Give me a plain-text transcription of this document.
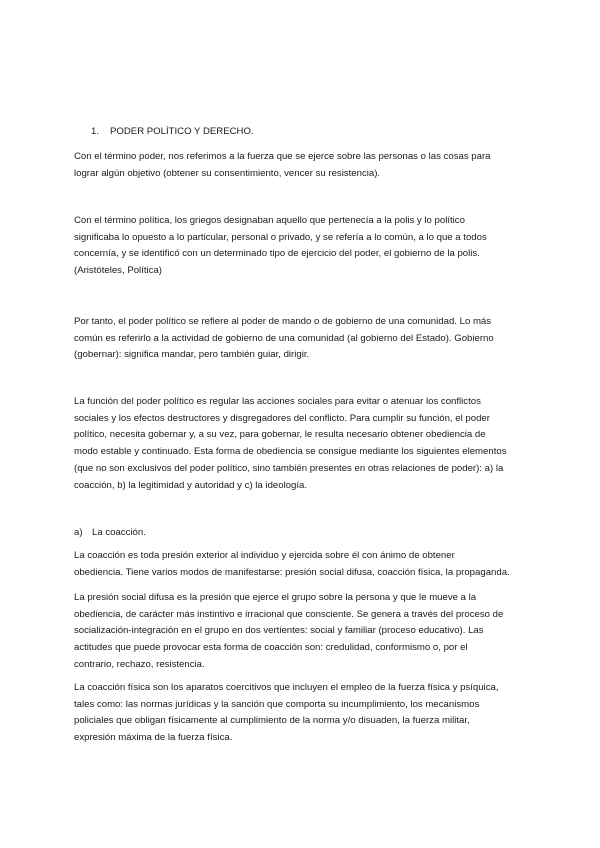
1. PODER POLÍTICO Y DERECHO.

Con el término poder, nos referimos a la fuerza que se ejerce sobre las personas o las cosas para
lograr algún objetivo (obtener su consentimiento, vencer su resistencia).

Con el término política, los griegos designaban aquello que pertenecía a la polis y lo político
significaba lo opuesto a lo particular, personal o privado, y se refería a lo común, a lo que a todos
concernía, y se identificó con un determinado tipo de ejercicio del poder, el gobierno de la polis.
(Aristóteles, Política)

Por tanto, el poder político se refiere al poder de mando o de gobierno de una comunidad. Lo más
común es referirlo a la actividad de gobierno de una comunidad (al gobierno del Estado). Gobierno
(gobernar): significa mandar, pero también guiar, dirigir.

La función del poder político es regular las acciones sociales para evitar o atenuar los conflictos
sociales y los efectos destructores y disgregadores del conflicto. Para cumplir su función, el poder
político, necesita gobernar y, a su vez, para gobernar, le resulta necesario obtener obediencia de
modo estable y continuado. Esta forma de obediencia se consigue mediante los siguientes elementos
(que no son exclusivos del poder político, sino también presentes en otras relaciones de poder): a) la
coacción, b) la legitimidad y autoridad y c) la ideología.

a) La coacción.

La coacción es toda presión exterior al individuo y ejercida sobre él con ánimo de obtener
obediencia. Tiene varios modos de manifestarse: presión social difusa, coacción física, la propaganda.

La presión social difusa es la presión que ejerce el grupo sobre la persona y que le mueve a la
obediencia, de carácter más instintivo e irracional que consciente. Se genera a través del proceso de
socialización-integración en el grupo en dos vertientes: social y familiar (proceso educativo). Las
actitudes que puede provocar esta forma de coacción son: credulidad, conformismo o, por el
contrario, rechazo, resistencia.

La coacción física son los aparatos coercitivos que incluyen el empleo de la fuerza física y psíquica,
tales como: las normas jurídicas y la sanción que comporta su incumplimiento, los mecanismos
policiales que obligan físicamente al cumplimiento de la norma y/o disuaden, la fuerza militar,
expresión máxima de la fuerza física.
